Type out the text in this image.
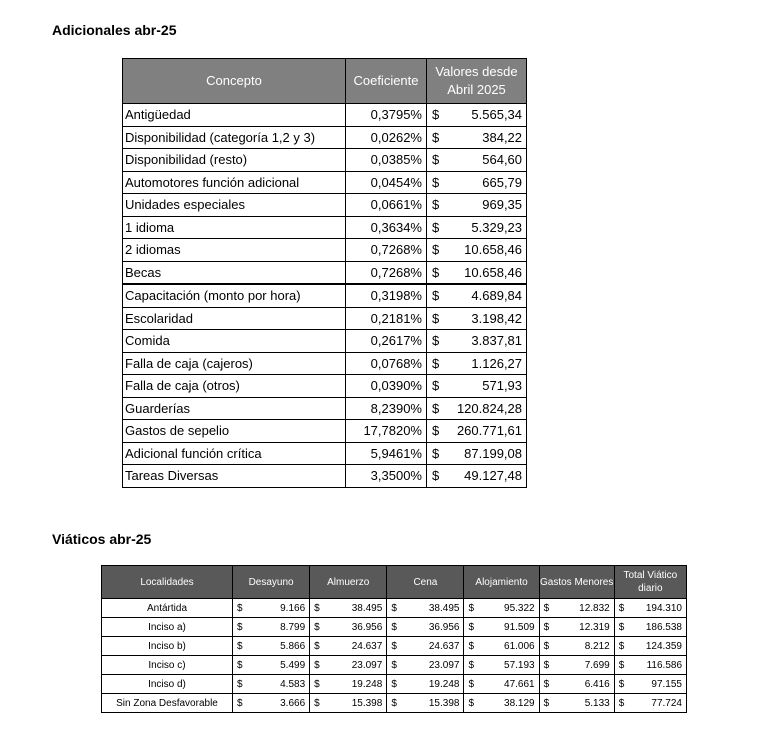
Adicionales abr-25
Concepto	Coeficiente	Valores desde Abril 2025	
Antigüedad	0,3795%	$	5.565,34
Disponibilidad (categoría 1,2 y 3)	0,0262%	$	384,22
Disponibilidad (resto)	0,0385%	$	564,60
Automotores función adicional	0,0454%	$	665,79
Unidades especiales	0,0661%	$	969,35
1 idioma	0,3634%	$	5.329,23
2 idiomas	0,7268%	$	10.658,46
Becas	0,7268%	$	10.658,46
Capacitación (monto por hora)	0,3198%	$	4.689,84
Escolaridad	0,2181%	$	3.198,42
Comida	0,2617%	$	3.837,81
Falla de caja (cajeros)	0,0768%	$	1.126,27
Falla de caja (otros)	0,0390%	$	571,93
Guarderías	8,2390%	$	120.824,28
Gastos de sepelio	17,7820%	$	260.771,61
Adicional función crítica	5,9461%	$	87.199,08
Tareas Diversas	3,3500%	$	49.127,48
Viáticos abr-25
Localidades	Desayuno		Almuerzo		Cena		Alojamiento		Gastos Menores		Total Viático diario	
Antártida	$	9.166	$	38.495	$	38.495	$	95.322	$	12.832	$	194.310
Inciso a)	$	8.799	$	36.956	$	36.956	$	91.509	$	12.319	$	186.538
Inciso b)	$	5.866	$	24.637	$	24.637	$	61.006	$	8.212	$	124.359
Inciso c)	$	5.499	$	23.097	$	23.097	$	57.193	$	7.699	$	116.586
Inciso d)	$	4.583	$	19.248	$	19.248	$	47.661	$	6.416	$	97.155
Sin Zona Desfavorable	$	3.666	$	15.398	$	15.398	$	38.129	$	5.133	$	77.724
